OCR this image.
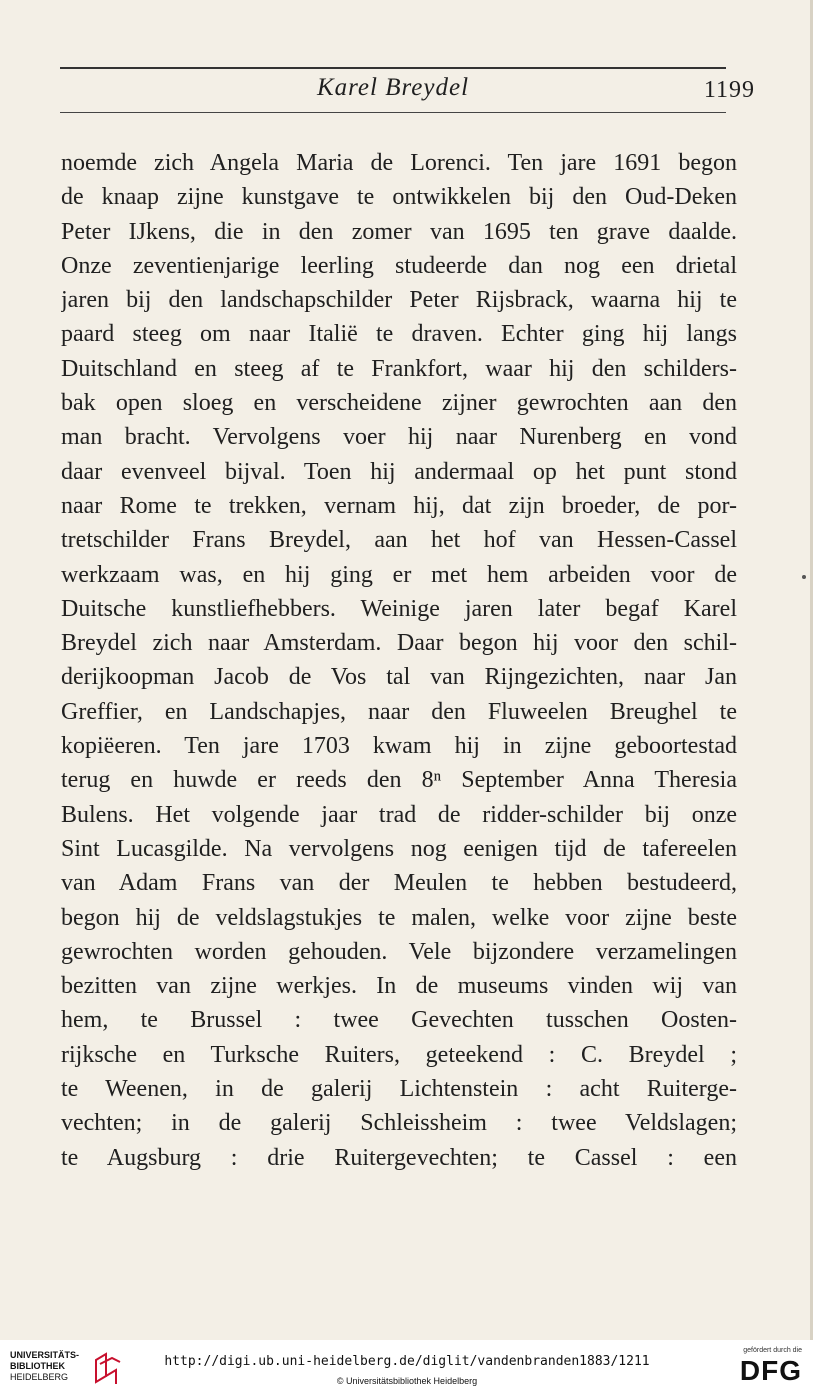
Karel Breydel	1199
noemde zich Angela Maria de Lorenci. Ten jare 1691 begon
de knaap zijne kunstgave te ontwikkelen bij den Oud-Deken
Peter IJkens, die in den zomer van 1695 ten grave daalde.
Onze zeventienjarige leerling studeerde dan nog een drietal
jaren bij den landschapschilder Peter Rijsbrack, waarna hij te
paard steeg om naar Italië te draven. Echter ging hij langs
Duitschland en steeg af te Frankfort, waar hij den schilders-
bak open sloeg en verscheidene zijner gewrochten aan den
man bracht. Vervolgens voer hij naar Nurenberg en vond
daar evenveel bijval. Toen hij andermaal op het punt stond
naar Rome te trekken, vernam hij, dat zijn broeder, de por-
tretschilder Frans Breydel, aan het hof van Hessen-Cassel
werkzaam was, en hij ging er met hem arbeiden voor de
Duitsche kunstliefhebbers. Weinige jaren later begaf Karel
Breydel zich naar Amsterdam. Daar begon hij voor den schil-
derijkoopman Jacob de Vos tal van Rijngezichten, naar Jan
Greffier, en Landschapjes, naar den Fluweelen Breughel te
kopiëeren. Ten jare 1703 kwam hij in zijne geboortestad
terug en huwde er reeds den 8ⁿ September Anna Theresia
Bulens. Het volgende jaar trad de ridder-schilder bij onze
Sint Lucasgilde. Na vervolgens nog eenigen tijd de tafereelen
van Adam Frans van der Meulen te hebben bestudeerd,
begon hij de veldslagstukjes te malen, welke voor zijne beste
gewrochten worden gehouden. Vele bijzondere verzamelingen
bezitten van zijne werkjes. In de museums vinden wij van
hem, te Brussel : twee Gevechten tusschen Oosten-
rijksche en Turksche Ruiters, geteekend : C. Breydel ;
te Weenen, in de galerij Lichtenstein : acht Ruiterge-
vechten; in de galerij Schleissheim : twee Veldslagen;
te Augsburg : drie Ruitergevechten; te Cassel : een
UNIVERSITÄTS-
BIBLIOTHEK
HEIDELBERG
http://digi.ub.uni-heidelberg.de/diglit/vandenbranden1883/1211
© Universitätsbibliothek Heidelberg
gefördert durch die
DFG
